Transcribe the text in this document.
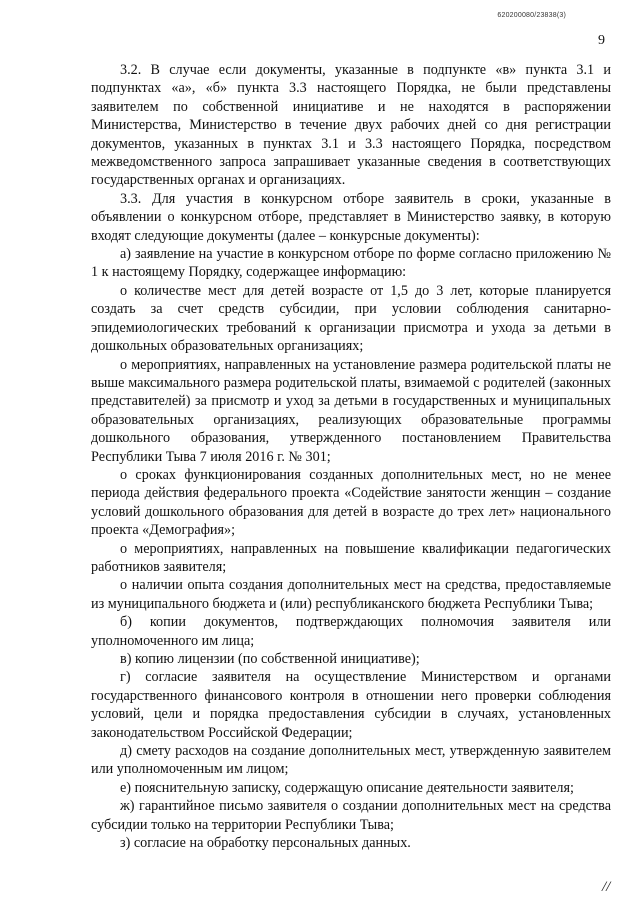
620200080/23838(3)
9

3.2. В случае если документы, указанные в подпункте «в» пункта 3.1 и подпунктах «а», «б» пункта 3.3 настоящего Порядка, не были представлены заявителем по собственной инициативе и не находятся в распоряжении Министерства, Министерство в течение двух рабочих дней со дня регистрации документов, указанных в пунктах 3.1 и 3.3 настоящего Порядка, посредством межведомственного запроса запрашивает указанные сведения в соответствующих государственных органах и организациях.

3.3. Для участия в конкурсном отборе заявитель в сроки, указанные в объявлении о конкурсном отборе, представляет в Министерство заявку, в которую входят следующие документы (далее – конкурсные документы):

а) заявление на участие в конкурсном отборе по форме согласно приложению № 1 к настоящему Порядку, содержащее информацию:

о количестве мест для детей возрасте от 1,5 до 3 лет, которые планируется создать за счет средств субсидии, при условии соблюдения санитарно-эпидемиологических требований к организации присмотра и ухода за детьми в дошкольных образовательных организациях;

о мероприятиях, направленных на установление размера родительской платы не выше максимального размера родительской платы, взимаемой с родителей (законных представителей) за присмотр и уход за детьми в государственных и муниципальных образовательных организациях, реализующих образовательные программы дошкольного образования, утвержденного постановлением Правительства Республики Тыва 7 июля 2016 г. № 301;

о сроках функционирования созданных дополнительных мест, но не менее периода действия федерального проекта «Содействие занятости женщин – создание условий дошкольного образования для детей в возрасте до трех лет» национального проекта «Демография»;

о мероприятиях, направленных на повышение квалификации педагогических работников заявителя;

о наличии опыта создания дополнительных мест на средства, предоставляемые из муниципального бюджета и (или) республиканского бюджета Республики Тыва;

б) копии документов, подтверждающих полномочия заявителя или уполномоченного им лица;

в) копию лицензии (по собственной инициативе);

г) согласие заявителя на осуществление Министерством и органами государственного финансового контроля в отношении него проверки соблюдения условий, цели и порядка предоставления субсидии в случаях, установленных законодательством Российской Федерации;

д) смету расходов на создание дополнительных мест, утвержденную заявителем или уполномоченным им лицом;

е) пояснительную записку, содержащую описание деятельности заявителя;

ж) гарантийное письмо заявителя о создании дополнительных мест на средства субсидии только на территории Республики Тыва;

з) согласие на обработку персональных данных.

//
